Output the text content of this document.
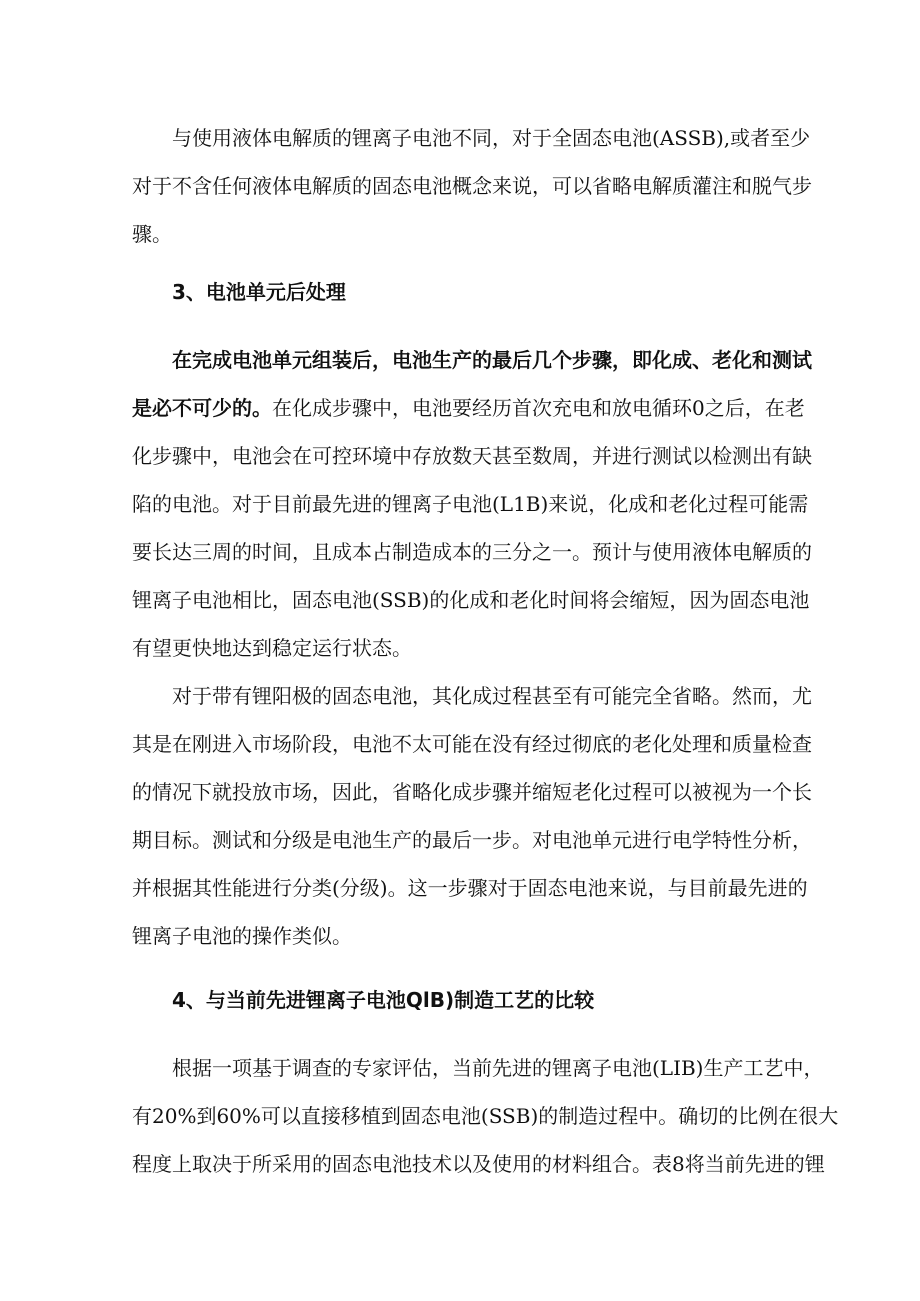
与使用液体电解质的锂离子电池不同，对于全固态电池(ASSB),或者至少
对于不含任何液体电解质的固态电池概念来说，可以省略电解质灌注和脱气步
骤。
3、电池单元后处理
在完成电池单元组装后，电池生产的最后几个步骤，即化成、老化和测试
是必不可少的。在化成步骤中，电池要经历首次充电和放电循环0之后，在老
化步骤中，电池会在可控环境中存放数天甚至数周，并进行测试以检测出有缺
陷的电池。对于目前最先进的锂离子电池(L1B)来说，化成和老化过程可能需
要长达三周的时间，且成本占制造成本的三分之一。预计与使用液体电解质的
锂离子电池相比，固态电池(SSB)的化成和老化时间将会缩短，因为固态电池
有望更快地达到稳定运行状态。
对于带有锂阳极的固态电池，其化成过程甚至有可能完全省略。然而，尤
其是在刚进入市场阶段，电池不太可能在没有经过彻底的老化处理和质量检查
的情况下就投放市场，因此，省略化成步骤并缩短老化过程可以被视为一个长
期目标。测试和分级是电池生产的最后一步。对电池单元进行电学特性分析，
并根据其性能进行分类(分级)。这一步骤对于固态电池来说，与目前最先进的
锂离子电池的操作类似。
4、与当前先进锂离子电池QlB)制造工艺的比较
根据一项基于调查的专家评估，当前先进的锂离子电池(LIB)生产工艺中，
有20%到60%可以直接移植到固态电池(SSB)的制造过程中。确切的比例在很大
程度上取决于所采用的固态电池技术以及使用的材料组合。表8将当前先进的锂
